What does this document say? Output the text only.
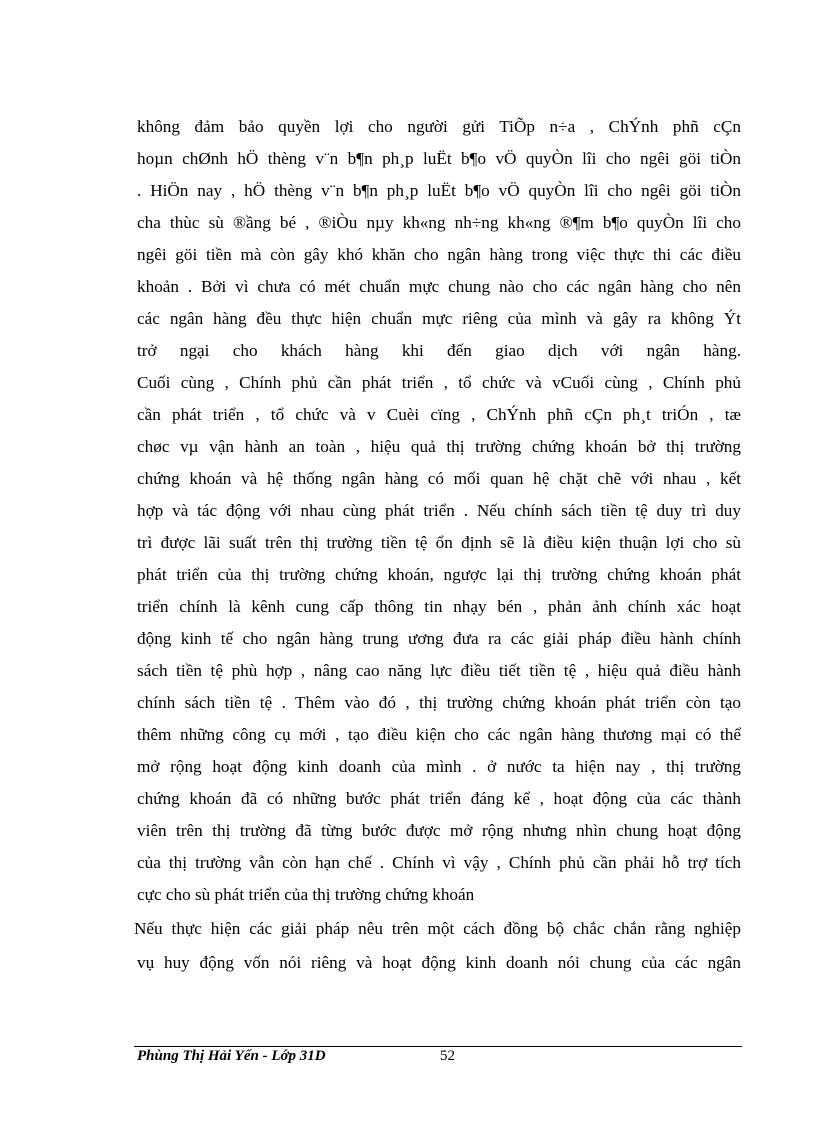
không đảm bảo quyền lợi cho người gửi TiÕp n÷a , ChÝnh phñ cÇn
hoµn chØnh hÖ thèng v¨n b¶n ph¸p luËt b¶o vÖ quyÒn lîi cho ngêi göi tiÒn
. HiÖn nay , hÖ thèng v¨n b¶n ph¸p luËt b¶o vÖ quyÒn lîi cho ngêi göi tiÒn
cha thùc sù ®ầng bé , ®iÒu nµy kh«ng nh÷ng kh«ng ®¶m b¶o quyÒn lîi cho
ngêi göi tiền mà còn gây khó khăn cho ngân hàng trong việc thực thi các điều
khoản . Bởi vì chưa có mét chuẩn mực chung nào cho các ngân hàng cho nên
các ngân hàng đều thực hiện chuẩn mực riêng của mình và gây ra không Ýt
trở ngại cho khách hàng khi đến giao dịch với ngân hàng.
Cuối cùng , Chính phủ cần phát triển , tổ chức và vCuối cùng , Chính phủ
cần phát triển , tổ chức và v Cuèi cïng , ChÝnh phñ cÇn ph¸t triÓn , tæ
chøc vµ vận hành an toàn , hiệu quả thị trường chứng khoán bở thị trường
chứng khoán và hệ thống ngân hàng có mối quan hệ chặt chẽ với nhau , kết
hợp và tác động với nhau cùng phát triển . Nếu chính sách tiền tệ duy trì duy
trì được lãi suất trên thị trường tiền tệ ổn định sẽ là điều kiện thuận lợi cho sù
phát triển của thị trường chứng khoán, ngược lại thị trường chứng khoán phát
triển chính là kênh cung cấp thông tin nhạy bén , phản ảnh chính xác hoạt
động kinh tế cho ngân hàng trung ương đưa ra các giải pháp điều hành chính
sách tiền tệ phù hợp , nâng cao năng lực điều tiết tiền tệ , hiệu quả điều hành
chính sách tiền tệ . Thêm vào đó , thị trường chứng khoán phát triển còn tạo
thêm những công cụ mới , tạo điều kiện cho các ngân hàng thương mại có thể
mở rộng hoạt động kinh doanh của mình . ở nước ta hiện nay , thị trường
chứng khoán đã có những bước phát triển đáng kể , hoạt động của các thành
viên trên thị trường đã từng bước được mở rộng nhưng nhìn chung hoạt động
của thị trường vẫn còn hạn chế . Chính vì vậy , Chính phủ cần phải hỗ trợ tích
cực cho sù phát triển của thị trường chứng khoán
Nếu thực hiện các giải pháp nêu trên một cách đồng bộ chắc chắn rằng nghiệp
vụ huy động vốn nói riêng và hoạt động kinh doanh nói chung của các ngân
Phùng Thị Hải Yến - Lớp 31D	52
